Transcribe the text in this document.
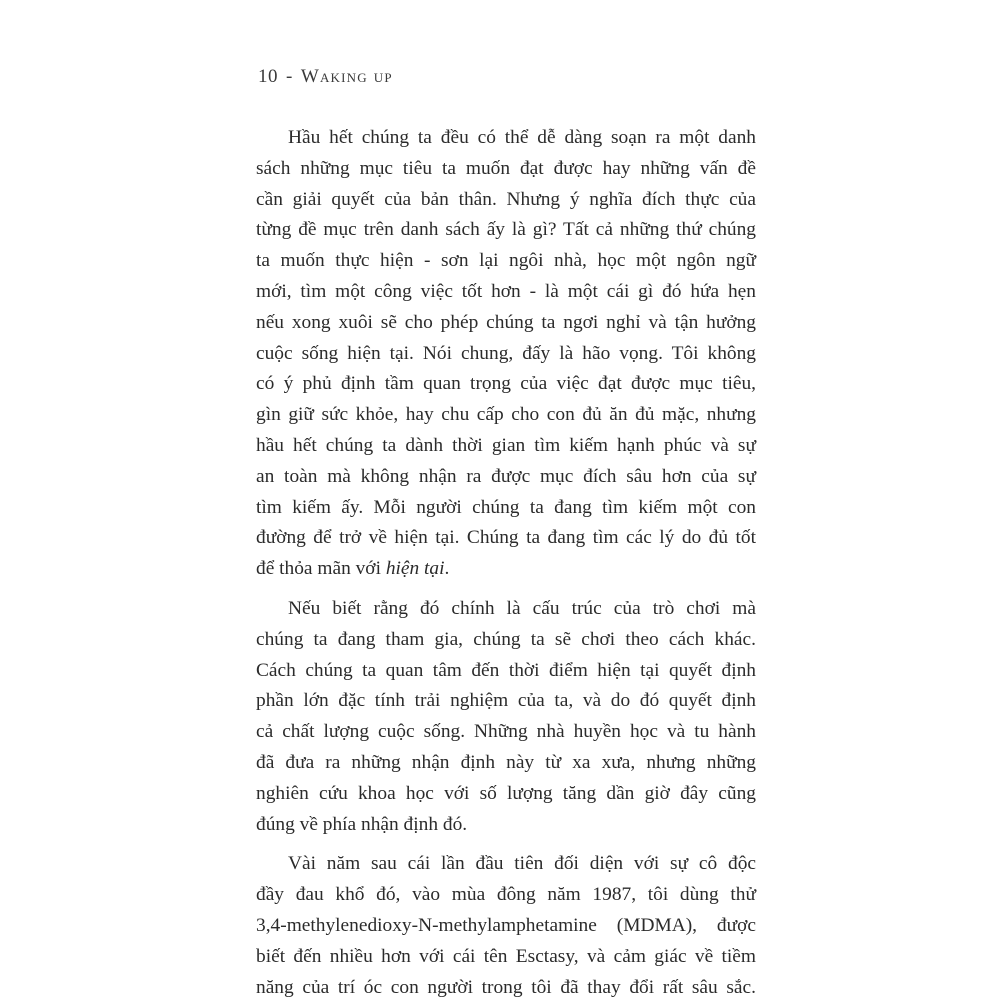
10 - Waking up
Hầu hết chúng ta đều có thể dễ dàng soạn ra một danh
sách những mục tiêu ta muốn đạt được hay những vấn đề
cần giải quyết của bản thân. Nhưng ý nghĩa đích thực của
từng đề mục trên danh sách ấy là gì? Tất cả những thứ chúng
ta muốn thực hiện - sơn lại ngôi nhà, học một ngôn ngữ
mới, tìm một công việc tốt hơn - là một cái gì đó hứa hẹn
nếu xong xuôi sẽ cho phép chúng ta ngơi nghỉ và tận hưởng
cuộc sống hiện tại. Nói chung, đấy là hão vọng. Tôi không
có ý phủ định tầm quan trọng của việc đạt được mục tiêu,
gìn giữ sức khỏe, hay chu cấp cho con đủ ăn đủ mặc, nhưng
hầu hết chúng ta dành thời gian tìm kiếm hạnh phúc và sự
an toàn mà không nhận ra được mục đích sâu hơn của sự
tìm kiếm ấy. Mỗi người chúng ta đang tìm kiếm một con
đường để trở về hiện tại. Chúng ta đang tìm các lý do đủ tốt
để thỏa mãn với hiện tại.
Nếu biết rằng đó chính là cấu trúc của trò chơi mà
chúng ta đang tham gia, chúng ta sẽ chơi theo cách khác.
Cách chúng ta quan tâm đến thời điểm hiện tại quyết định
phần lớn đặc tính trải nghiệm của ta, và do đó quyết định
cả chất lượng cuộc sống. Những nhà huyền học và tu hành
đã đưa ra những nhận định này từ xa xưa, nhưng những
nghiên cứu khoa học với số lượng tăng dần giờ đây cũng
đúng về phía nhận định đó.
Vài năm sau cái lần đầu tiên đối diện với sự cô độc
đầy đau khổ đó, vào mùa đông năm 1987, tôi dùng thử
3,4-methylenedioxy-N-methylamphetamine (MDMA), được
biết đến nhiều hơn với cái tên Esctasy, và cảm giác về tiềm
năng của trí óc con người trong tôi đã thay đổi rất sâu sắc.
